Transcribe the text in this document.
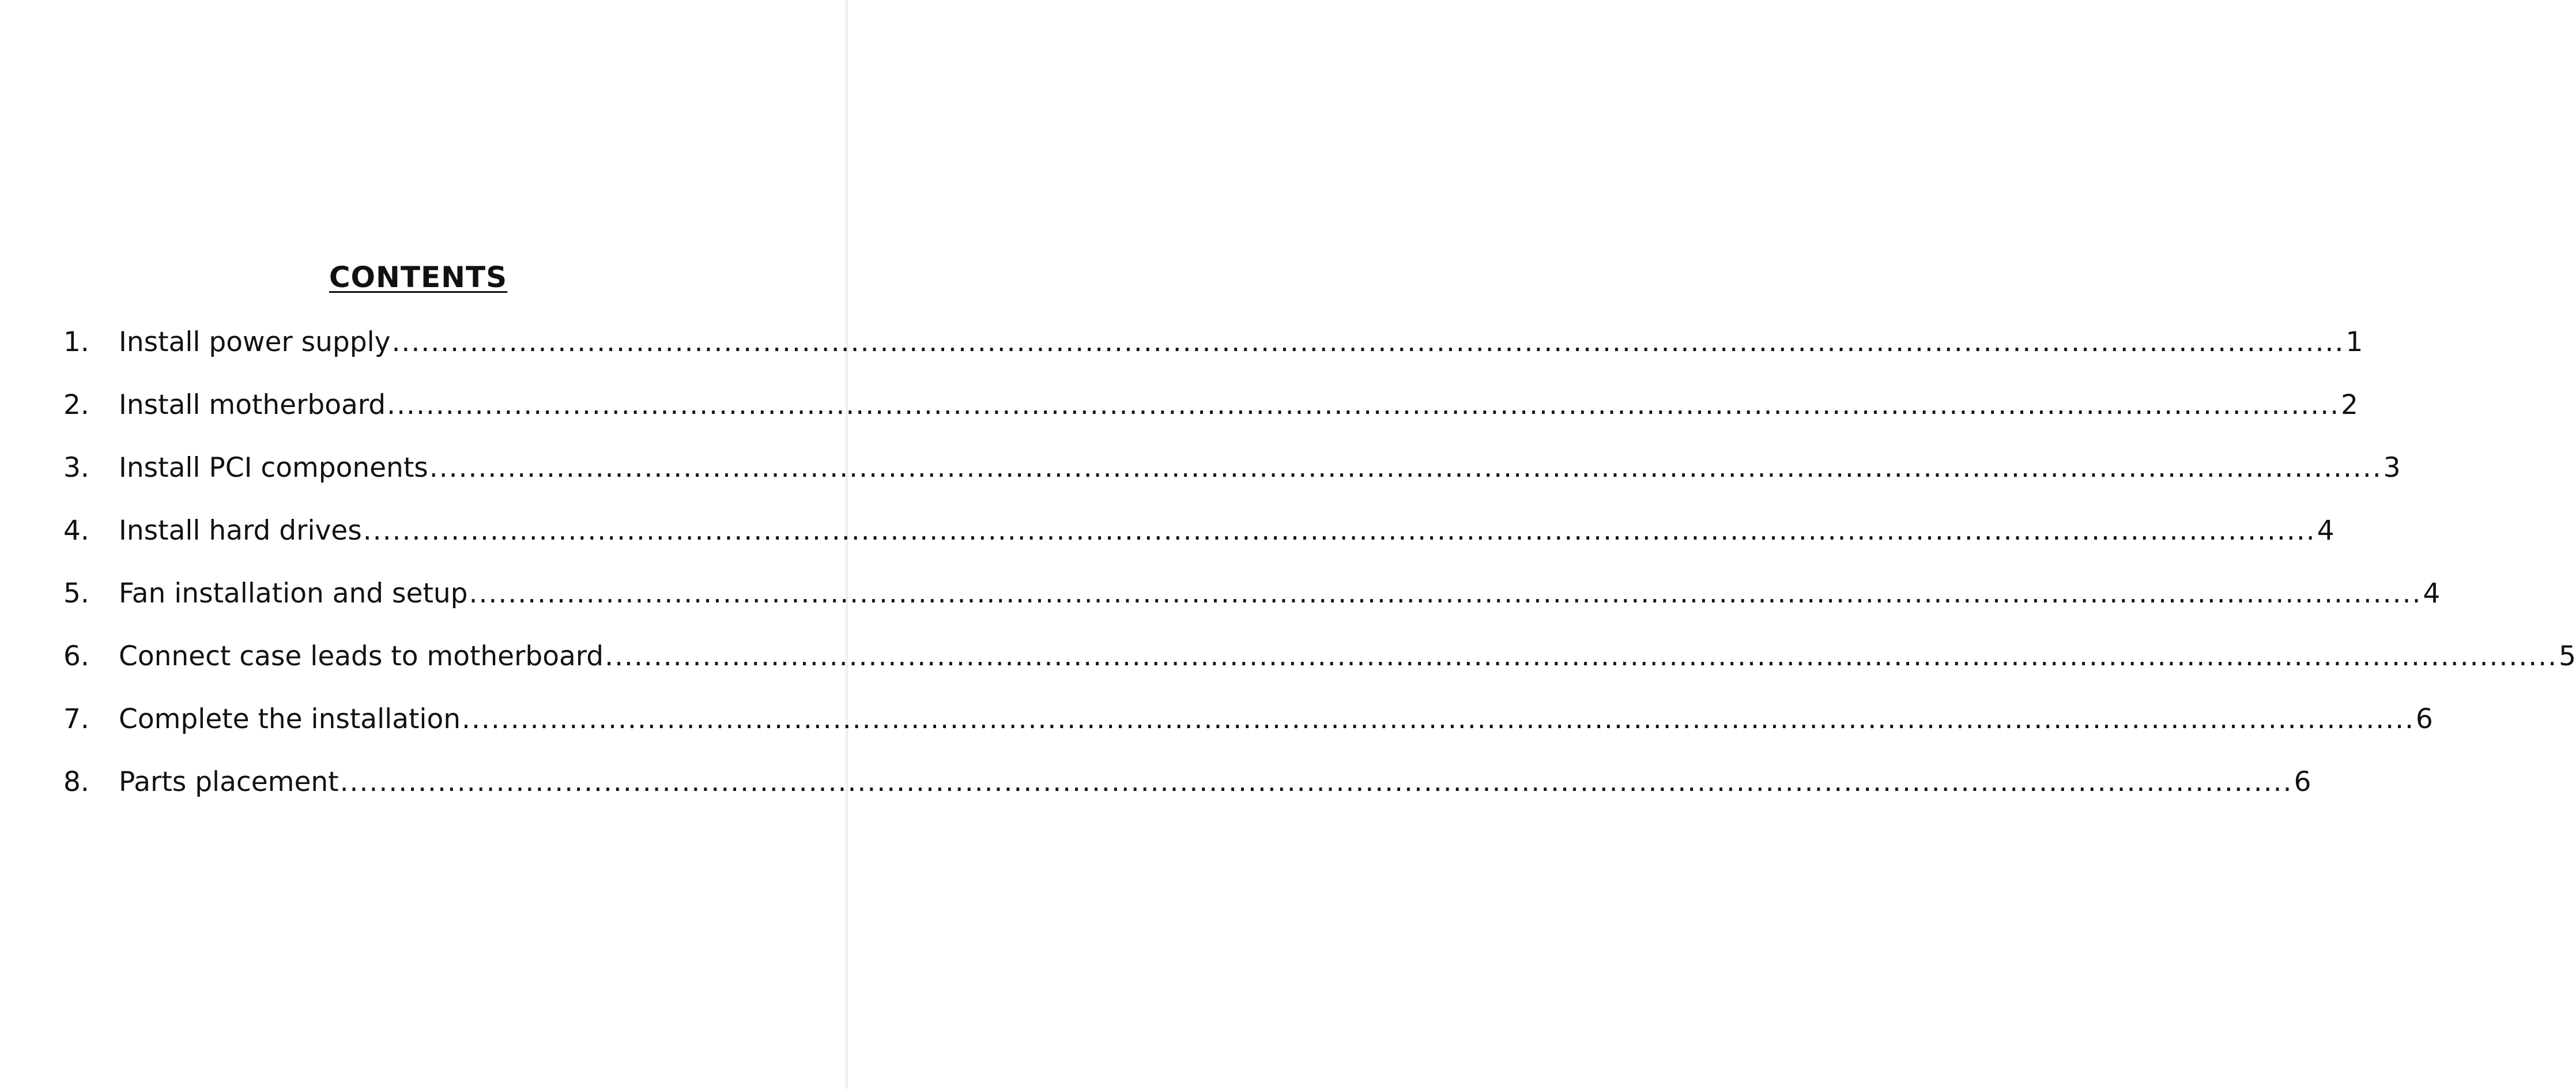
CONTENTS
1.	Install power supply ........................................................................................................................................................................................................ 1
2.	Install motherboard ........................................................................................................................................................................................................ 2
3.	Install PCI components ........................................................................................................................................................................................................ 3
4.	Install hard drives ........................................................................................................................................................................................................ 4
5.	Fan installation and setup ........................................................................................................................................................................................................ 4
6.	Connect case leads to motherboard ........................................................................................................................................................................................................ 5
7.	Complete the installation ........................................................................................................................................................................................................ 6
8.	Parts placement ........................................................................................................................................................................................................ 6
